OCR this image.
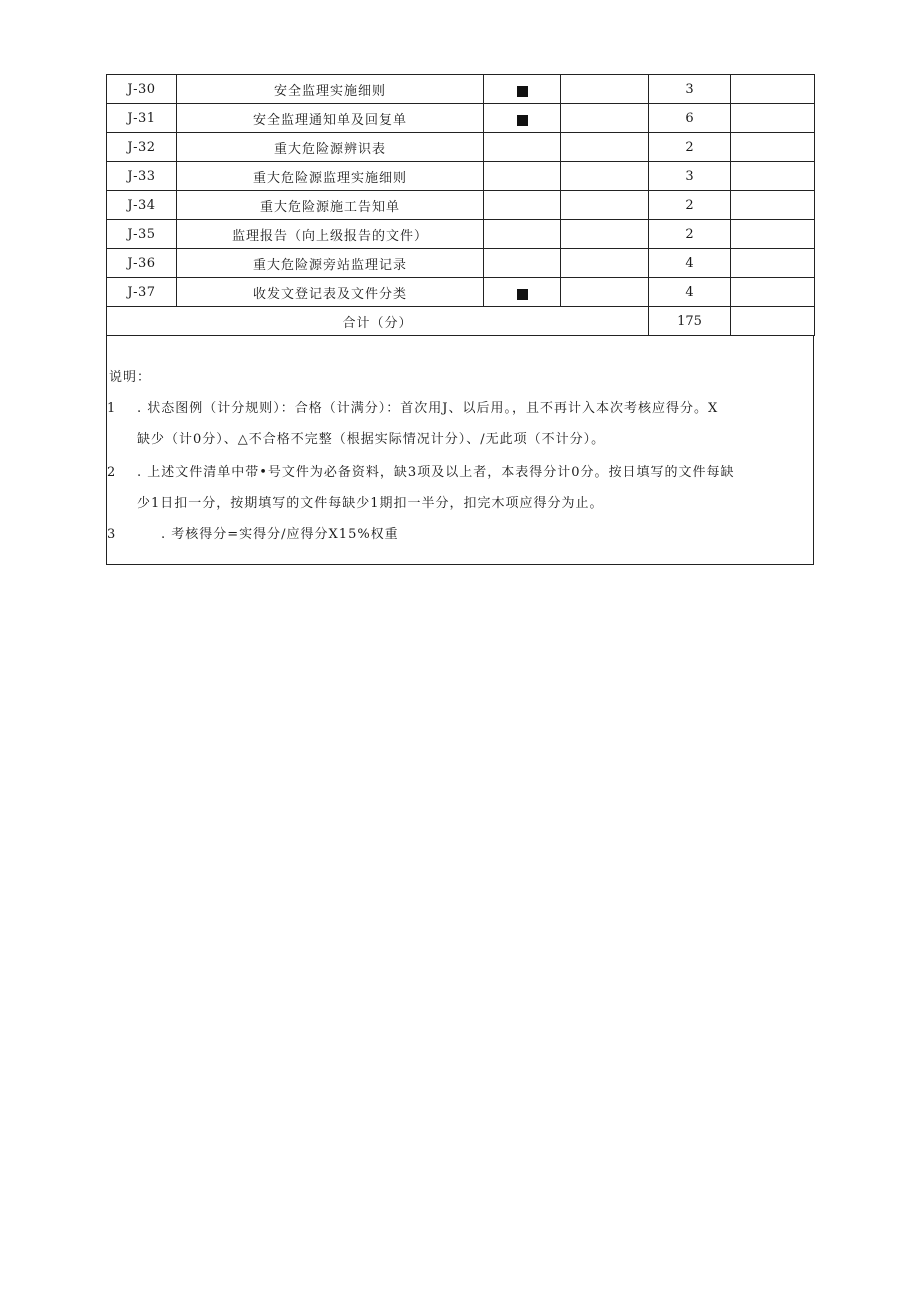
J-30	安全监理实施细则			3	
J-31	安全监理通知单及回复单			6	
J-32	重大危险源辨识表			2	
J-33	重大危险源监理实施细则			3	
J-34	重大危险源施工告知单			2	
J-35	监理报告（向上级报告的文件）			2	
J-36	重大危险源旁站监理记录			4	
J-37	收发文登记表及文件分类			4	
合计（分）				175	
说明：
1 . 状态图例（计分规则）：合格（计满分）：首次用J、以后用。，且不再计入本次考核应得分。X
缺少（计0分）、△不合格不完整（根据实际情况计分）、/无此项（不计分）。
2 . 上述文件清单中带•号文件为必备资料，缺3项及以上者，本表得分计0分。按日填写的文件每缺
少1日扣一分，按期填写的文件每缺少1期扣一半分，扣完木项应得分为止。
3	. 考核得分=实得分/应得分X15%权重
